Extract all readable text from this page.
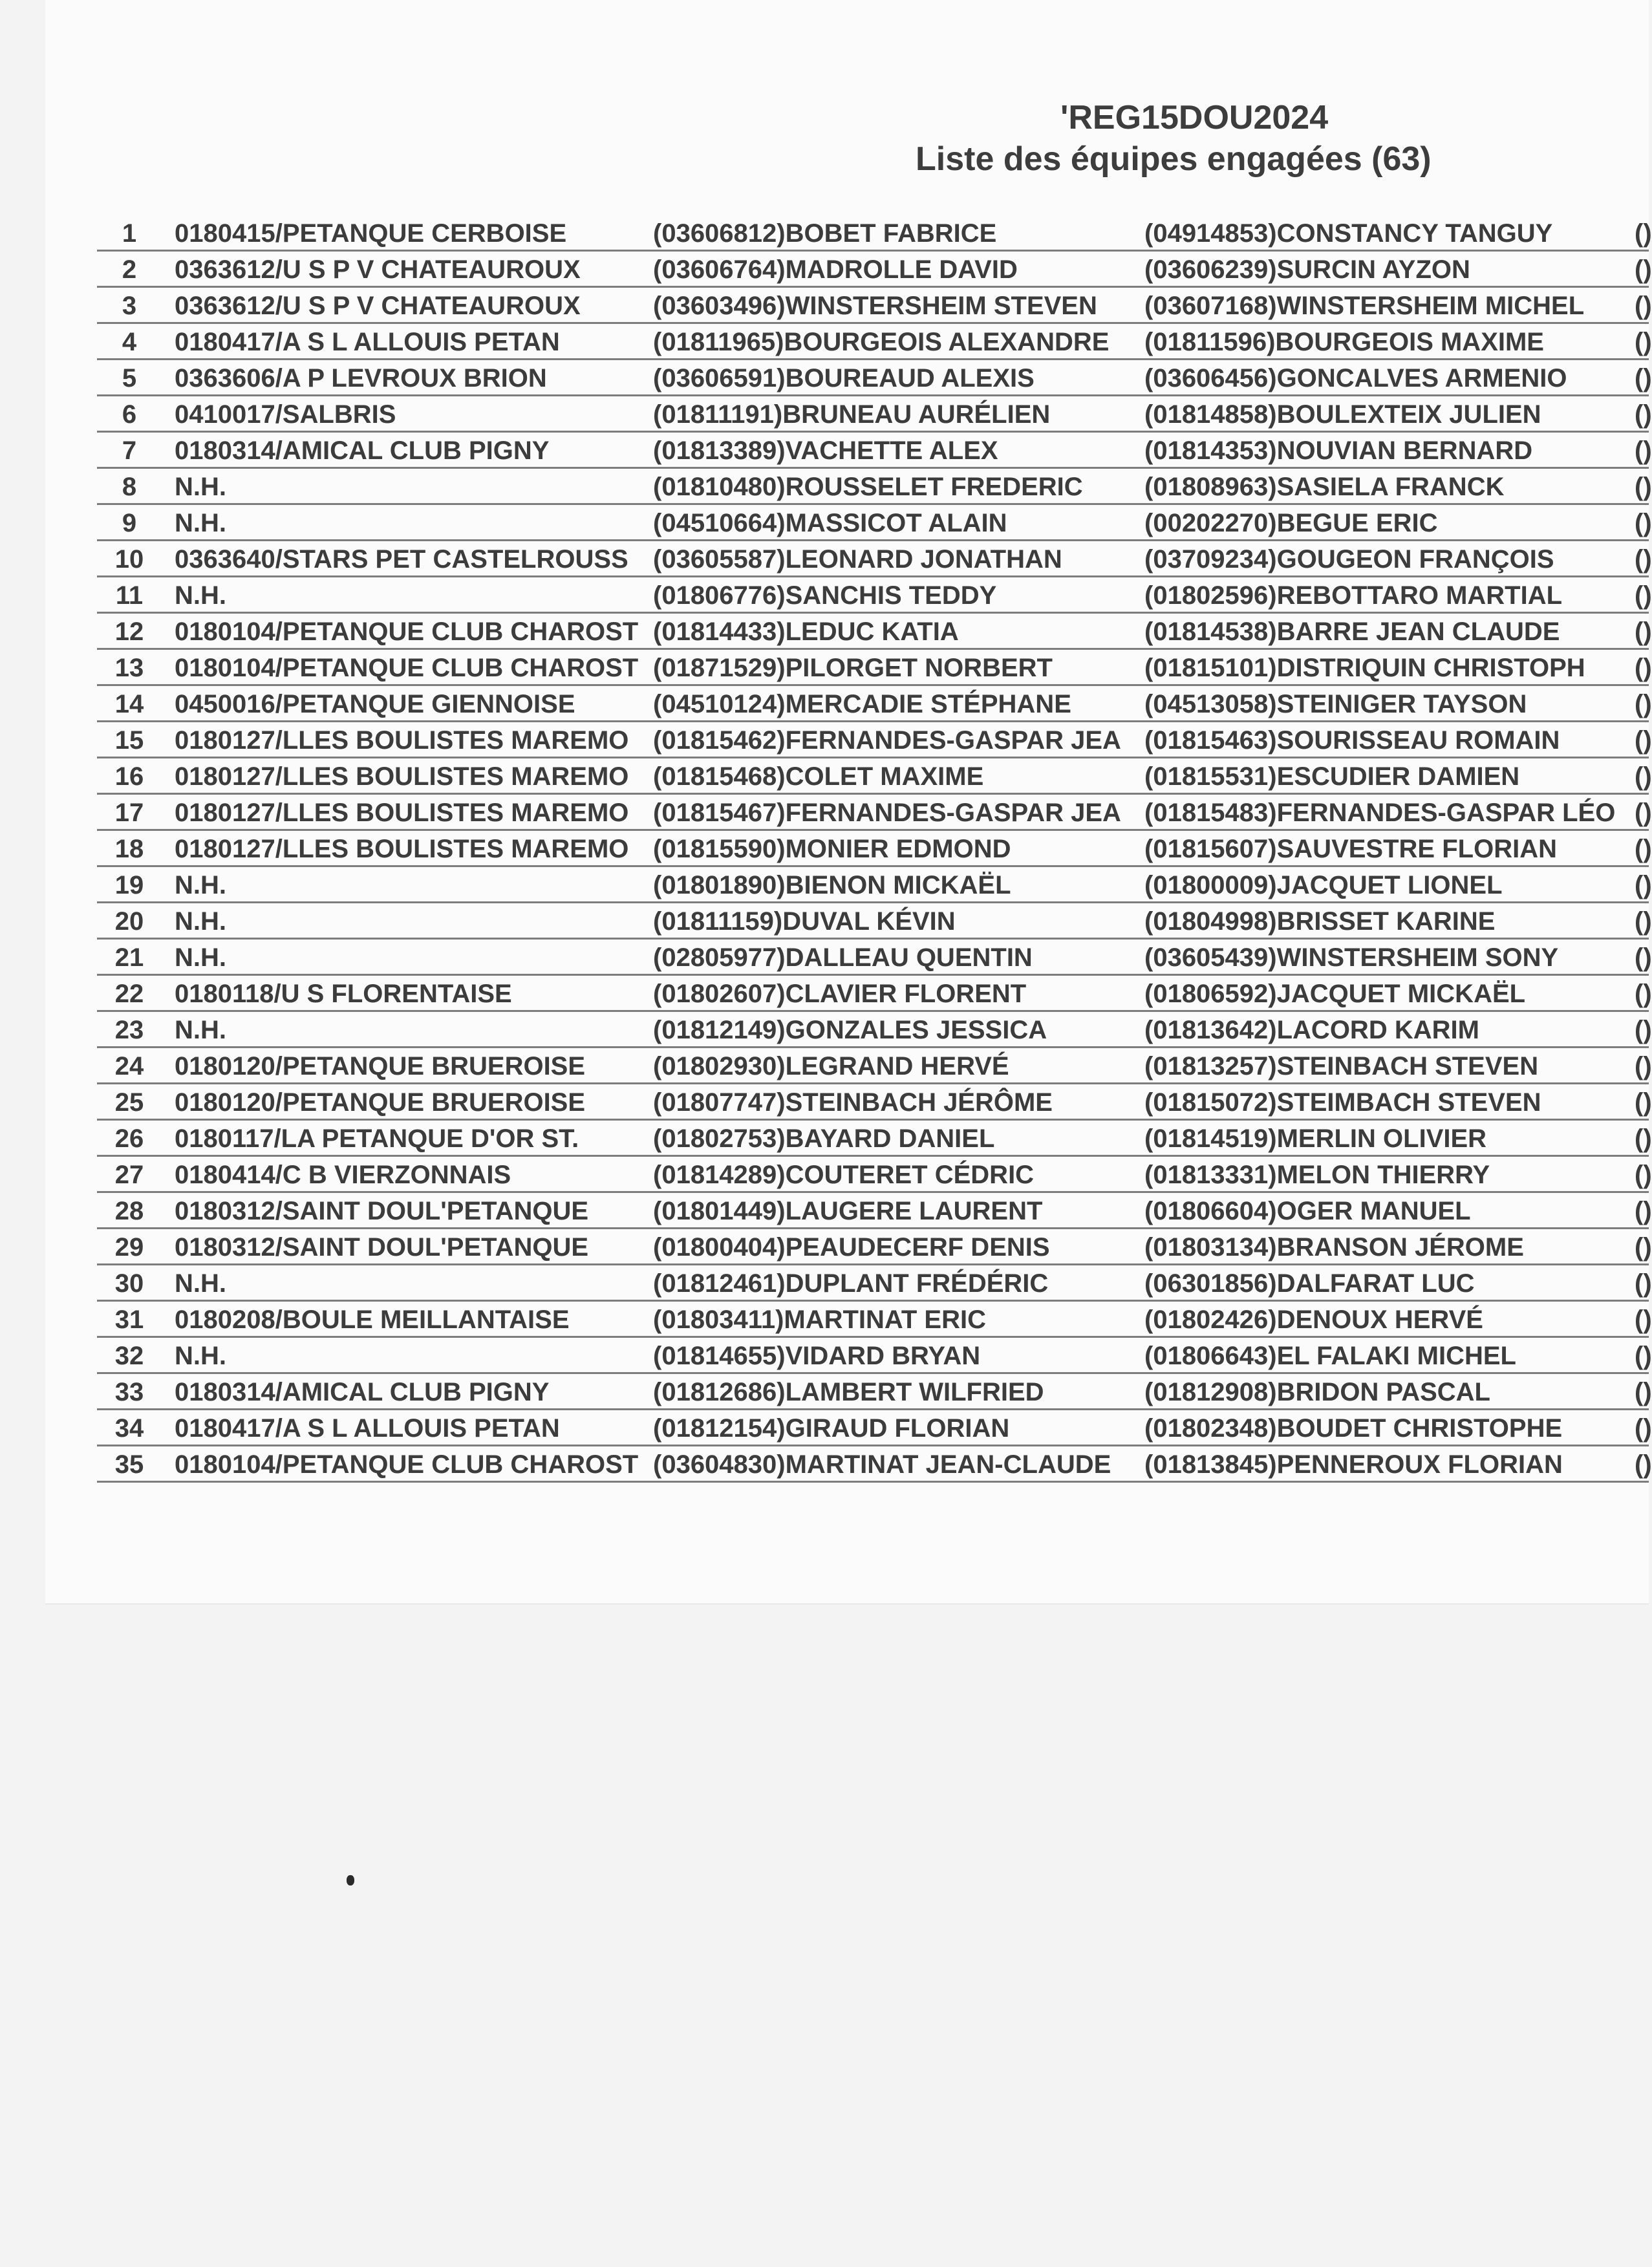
'REG15DOU2024
Liste des équipes engagées (63)
1	0180415/PETANQUE CERBOISE	(03606812)BOBET FABRICE	(04914853)CONSTANCY TANGUY	()
2	0363612/U S P V CHATEAUROUX	(03606764)MADROLLE DAVID	(03606239)SURCIN AYZON	()
3	0363612/U S P V CHATEAUROUX	(03603496)WINSTERSHEIM STEVEN	(03607168)WINSTERSHEIM MICHEL	()
4	0180417/A S L ALLOUIS PETAN	(01811965)BOURGEOIS ALEXANDRE	(01811596)BOURGEOIS MAXIME	()
5	0363606/A P LEVROUX BRION	(03606591)BOUREAUD ALEXIS	(03606456)GONCALVES ARMENIO	()
6	0410017/SALBRIS	(01811191)BRUNEAU AURÉLIEN	(01814858)BOULEXTEIX JULIEN	()
7	0180314/AMICAL CLUB PIGNY	(01813389)VACHETTE ALEX	(01814353)NOUVIAN BERNARD	()
8	N.H.	(01810480)ROUSSELET FREDERIC	(01808963)SASIELA FRANCK	()
9	N.H.	(04510664)MASSICOT ALAIN	(00202270)BEGUE ERIC	()
10	0363640/STARS PET CASTELROUSS (03605587)LEONARD JONATHAN	(03709234)GOUGEON FRANÇOIS	()
11	N.H.	(01806776)SANCHIS TEDDY	(01802596)REBOTTARO MARTIAL	()
12	0180104/PETANQUE CLUB CHAROST (01814433)LEDUC KATIA	(01814538)BARRE JEAN CLAUDE	()
13	0180104/PETANQUE CLUB CHAROST (01871529)PILORGET NORBERT	(01815101)DISTRIQUIN CHRISTOPH	()
14	0450016/PETANQUE GIENNOISE	(04510124)MERCADIE STÉPHANE	(04513058)STEINIGER TAYSON	()
15	0180127/LLES BOULISTES MAREMO (01815462)FERNANDES-GASPAR JEA (01815463)SOURISSEAU ROMAIN	()
16	0180127/LLES BOULISTES MAREMO (01815468)COLET MAXIME	(01815531)ESCUDIER DAMIEN	()
17	0180127/LLES BOULISTES MAREMO (01815467)FERNANDES-GASPAR JEA (01815483)FERNANDES-GASPAR LÉO ()
18	0180127/LLES BOULISTES MAREMO (01815590)MONIER EDMOND	(01815607)SAUVESTRE FLORIAN	()
19	N.H.	(01801890)BIENON MICKAËL	(01800009)JACQUET LIONEL	()
20	N.H.	(01811159)DUVAL KÉVIN	(01804998)BRISSET KARINE	()
21	N.H.	(02805977)DALLEAU QUENTIN	(03605439)WINSTERSHEIM SONY	()
22	0180118/U S FLORENTAISE	(01802607)CLAVIER FLORENT	(01806592)JACQUET MICKAËL	()
23	N.H.	(01812149)GONZALES JESSICA	(01813642)LACORD KARIM	()
24	0180120/PETANQUE BRUEROISE	(01802930)LEGRAND HERVÉ	(01813257)STEINBACH STEVEN	()
25	0180120/PETANQUE BRUEROISE	(01807747)STEINBACH JÉRÔME	(01815072)STEIMBACH STEVEN	()
26	0180117/LA PETANQUE D'OR ST.	(01802753)BAYARD DANIEL	(01814519)MERLIN OLIVIER	()
27	0180414/C B VIERZONNAIS	(01814289)COUTERET CÉDRIC	(01813331)MELON THIERRY	()
28	0180312/SAINT DOUL'PETANQUE	(01801449)LAUGERE LAURENT	(01806604)OGER MANUEL	()
29	0180312/SAINT DOUL'PETANQUE	(01800404)PEAUDECERF DENIS	(01803134)BRANSON JÉROME	()
30	N.H.	(01812461)DUPLANT FRÉDÉRIC	(06301856)DALFARAT LUC	()
31	0180208/BOULE MEILLANTAISE	(01803411)MARTINAT ERIC	(01802426)DENOUX HERVÉ	()
32	N.H.	(01814655)VIDARD BRYAN	(01806643)EL FALAKI MICHEL	()
33	0180314/AMICAL CLUB PIGNY	(01812686)LAMBERT WILFRIED	(01812908)BRIDON PASCAL	()
34	0180417/A S L ALLOUIS PETAN	(01812154)GIRAUD FLORIAN	(01802348)BOUDET CHRISTOPHE	()
35	0180104/PETANQUE CLUB CHAROST (03604830)MARTINAT JEAN-CLAUDE	(01813845)PENNEROUX FLORIAN	()
